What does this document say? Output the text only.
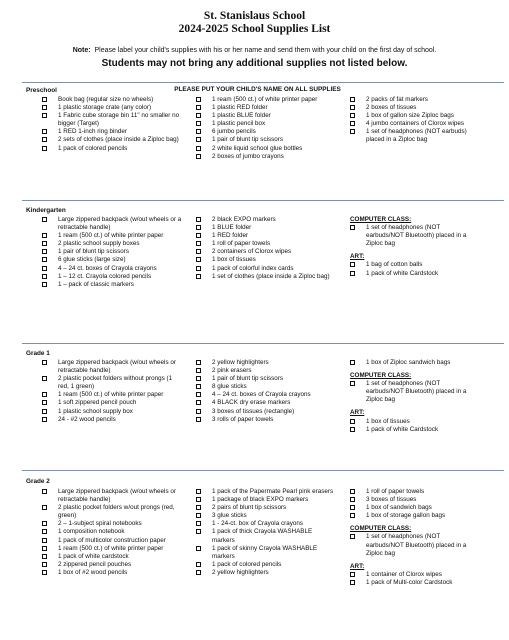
St. Stanislaus School
2024-2025 School Supplies List
Note: Please label your child's supplies with his or her name and send them with your child on the first day of school.
Students may not bring any additional supplies not listed below.
Preschool	PLEASE PUT YOUR CHILD'S NAME ON ALL SUPPLIES
Kindergarten
Grade 1
Grade 2
Book bag (regular size no wheels)
1 plastic storage crate (any color)
1 Fabric cube storage bin 11" no smaller no bigger (Target)
1 RED 1-inch ring binder
2 sets of clothes (place inside a Ziploc bag)
1 pack of colored pencils
1 ream (500 ct.) of white printer paper
1 plastic RED folder
1 plastic BLUE folder
1 plastic pencil box
6 jumbo pencils
1 pair of blunt tip scissors
2 white liquid school glue bottles
2 boxes of jumbo crayons
2 packs of fat markers
2 boxes of tissues
1 box of gallon size Ziploc bags
4 jumbo containers of Clorox wipes
1 set of headphones (NOT earbuds) placed in a Ziploc bag
Large zippered backpack (w/out wheels or a retractable handle)
1 ream (500 ct.) of white printer paper
2 plastic school supply boxes
1 pair of blunt tip scissors
6 glue sticks (large size)
4 – 24 ct. boxes of Crayola crayons
1 – 12 ct. Crayola colored pencils
1 – pack of classic markers
2 black EXPO markers
1 BLUE folder
1 RED folder
1 roll of paper towels
2 containers of Clorox wipes
1 box of tissues
1 pack of colorful index cards
1 set of clothes (place inside a Ziploc bag)
COMPUTER CLASS:
1 set of headphones (NOT earbuds/NOT Bluetooth) placed in a Ziploc bag
ART:
1 bag of cotton balls
1 pack of white Cardstock
Large zippered backpack (w/out wheels or retractable handle)
2 plastic pocket folders without prongs (1 red, 1 green)
1 ream (500 ct.) of white printer paper
1 soft zippered pencil pouch
1 plastic school supply box
24 - #2 wood pencils
2 yellow highlighters
2 pink erasers
1 pair of blunt tip scissors
8 glue sticks
4 – 24 ct. boxes of Crayola crayons
4 BLACK dry erase markers
3 boxes of tissues (rectangle)
3 rolls of paper towels
1 box of Ziploc sandwich bags
COMPUTER CLASS:
1 set of headphones (NOT earbuds/NOT Bluetooth) placed in a Ziploc bag
ART:
1 box of tissues
1 pack of white Cardstock
Large zippered backpack (w/out wheels or retractable handle)
2 plastic pocket folders w/out prongs (red, green)
2 – 1-subject spiral notebooks
1 composition notebook
1 pack of multicolor construction paper
1 ream (500 ct.) of white printer paper
1 pack of white cardstock
2 zippered pencil pouches
1 box of #2 wood pencils
1 pack of the Papermate Pearl pink erasers
1 package of black EXPO markers
2 pairs of blunt tip scissors
3 glue sticks
1 - 24-ct. box of Crayola crayons
1 pack of thick Crayola WASHABLE markers
1 pack of skinny Crayola WASHABLE markers
1 pack of colored pencils
2 yellow highlighters
1 roll of paper towels
3 boxes of tissues
1 box of sandwich bags
1 box of storage gallon bags
COMPUTER CLASS:
1 set of headphones (NOT earbuds/NOT Bluetooth) placed in a Ziploc bag
ART:
1 container of Clorox wipes
1 pack of Multi-color Cardstock
